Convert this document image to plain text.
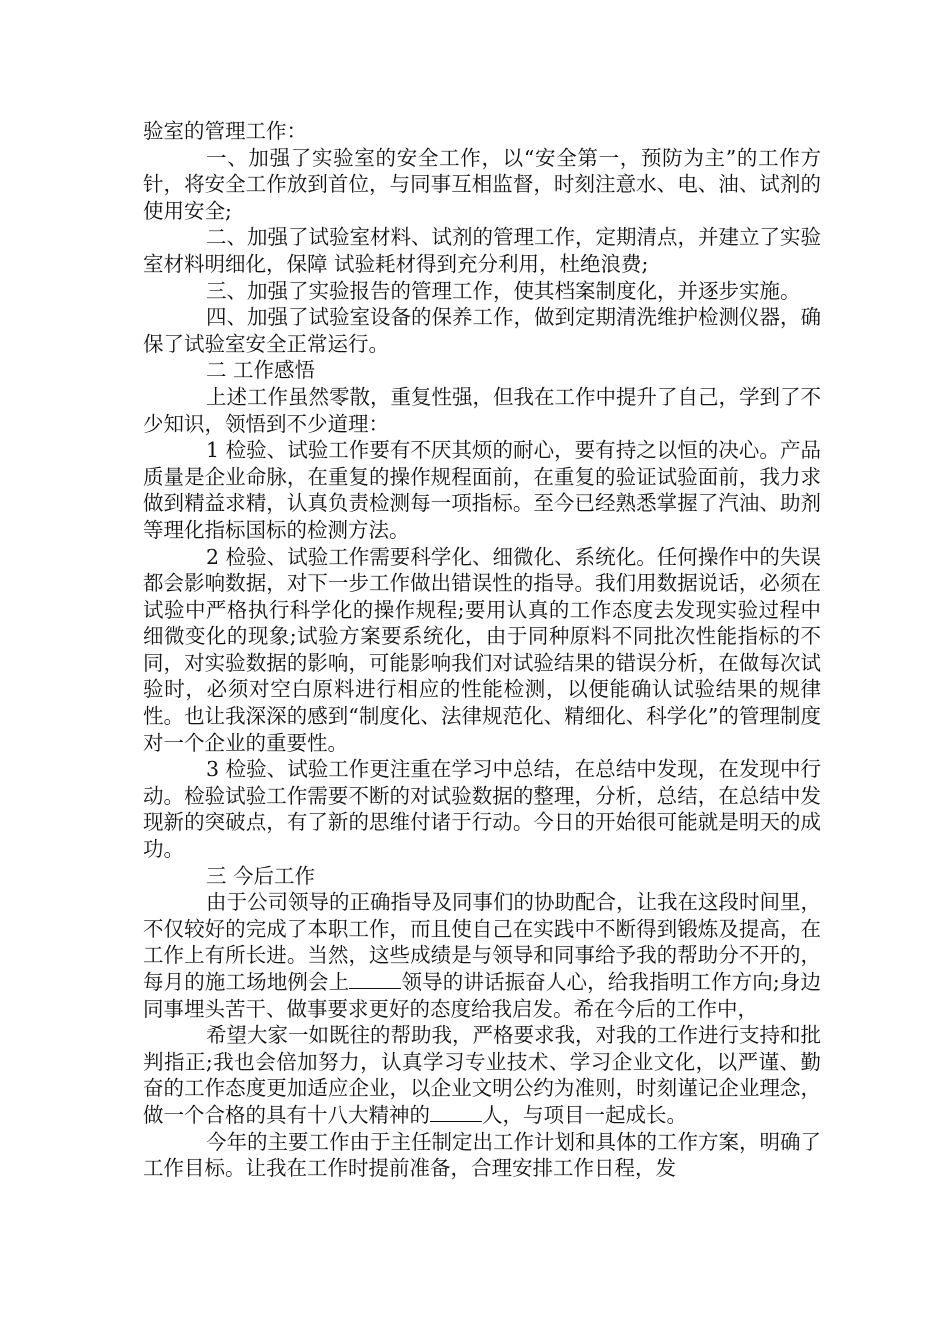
验室的管理工作：

一、加强了实验室的安全工作，以“安全第一，预防为主”的工作方针，将安全工作放到首位，与同事互相监督，时刻注意水、电、油、试剂的使用安全;

二、加强了试验室材料、试剂的管理工作，定期清点，并建立了实验室材料明细化，保障 试验耗材得到充分利用，杜绝浪费;

三、加强了实验报告的管理工作，使其档案制度化，并逐步实施。

四、加强了试验室设备的保养工作，做到定期清洗维护检测仪器，确保了试验室安全正常运行。

二 工作感悟

上述工作虽然零散，重复性强，但我在工作中提升了自己，学到了不少知识，领悟到不少道理：

1 检验、试验工作要有不厌其烦的耐心，要有持之以恒的决心。产品质量是企业命脉，在重复的操作规程面前，在重复的验证试验面前，我力求做到精益求精，认真负责检测每一项指标。至今已经熟悉掌握了汽油、助剂等理化指标国标的检测方法。

2 检验、试验工作需要科学化、细微化、系统化。任何操作中的失误都会影响数据，对下一步工作做出错误性的指导。我们用数据说话，必须在试验中严格执行科学化的操作规程;要用认真的工作态度去发现实验过程中细微变化的现象;试验方案要系统化，由于同种原料不同批次性能指标的不同，对实验数据的影响，可能影响我们对试验结果的错误分析，在做每次试验时，必须对空白原料进行相应的性能检测，以便能确认试验结果的规律性。也让我深深的感到“制度化、法律规范化、精细化、科学化”的管理制度对一个企业的重要性。

3 检验、试验工作更注重在学习中总结，在总结中发现，在发现中行动。检验试验工作需要不断的对试验数据的整理，分析，总结，在总结中发现新的突破点，有了新的思维付诸于行动。今日的开始很可能就是明天的成功。

三 今后工作

由于公司领导的正确指导及同事们的协助配合，让我在这段时间里，不仅较好的完成了本职工作，而且使自己在实践中不断得到锻炼及提高，在工作上有所长进。当然，这些成绩是与领导和同事给予我的帮助分不开的，每月的施工场地例会上	领导的讲话振奋人心，给我指明工作方向;身边同事埋头苦干、做事要求更好的态度给我启发。希在今后的工作中，

希望大家一如既往的帮助我，严格要求我，对我的工作进行支持和批判指正;我也会倍加努力，认真学习专业技术、学习企业文化，以严谨、勤奋的工作态度更加适应企业，以企业文明公约为准则，时刻谨记企业理念，做一个合格的具有十八大精神的	人，与项目一起成长。

今年的主要工作由于主任制定出工作计划和具体的工作方案，明确了工作目标。让我在工作时提前准备，合理安排工作日程，发
